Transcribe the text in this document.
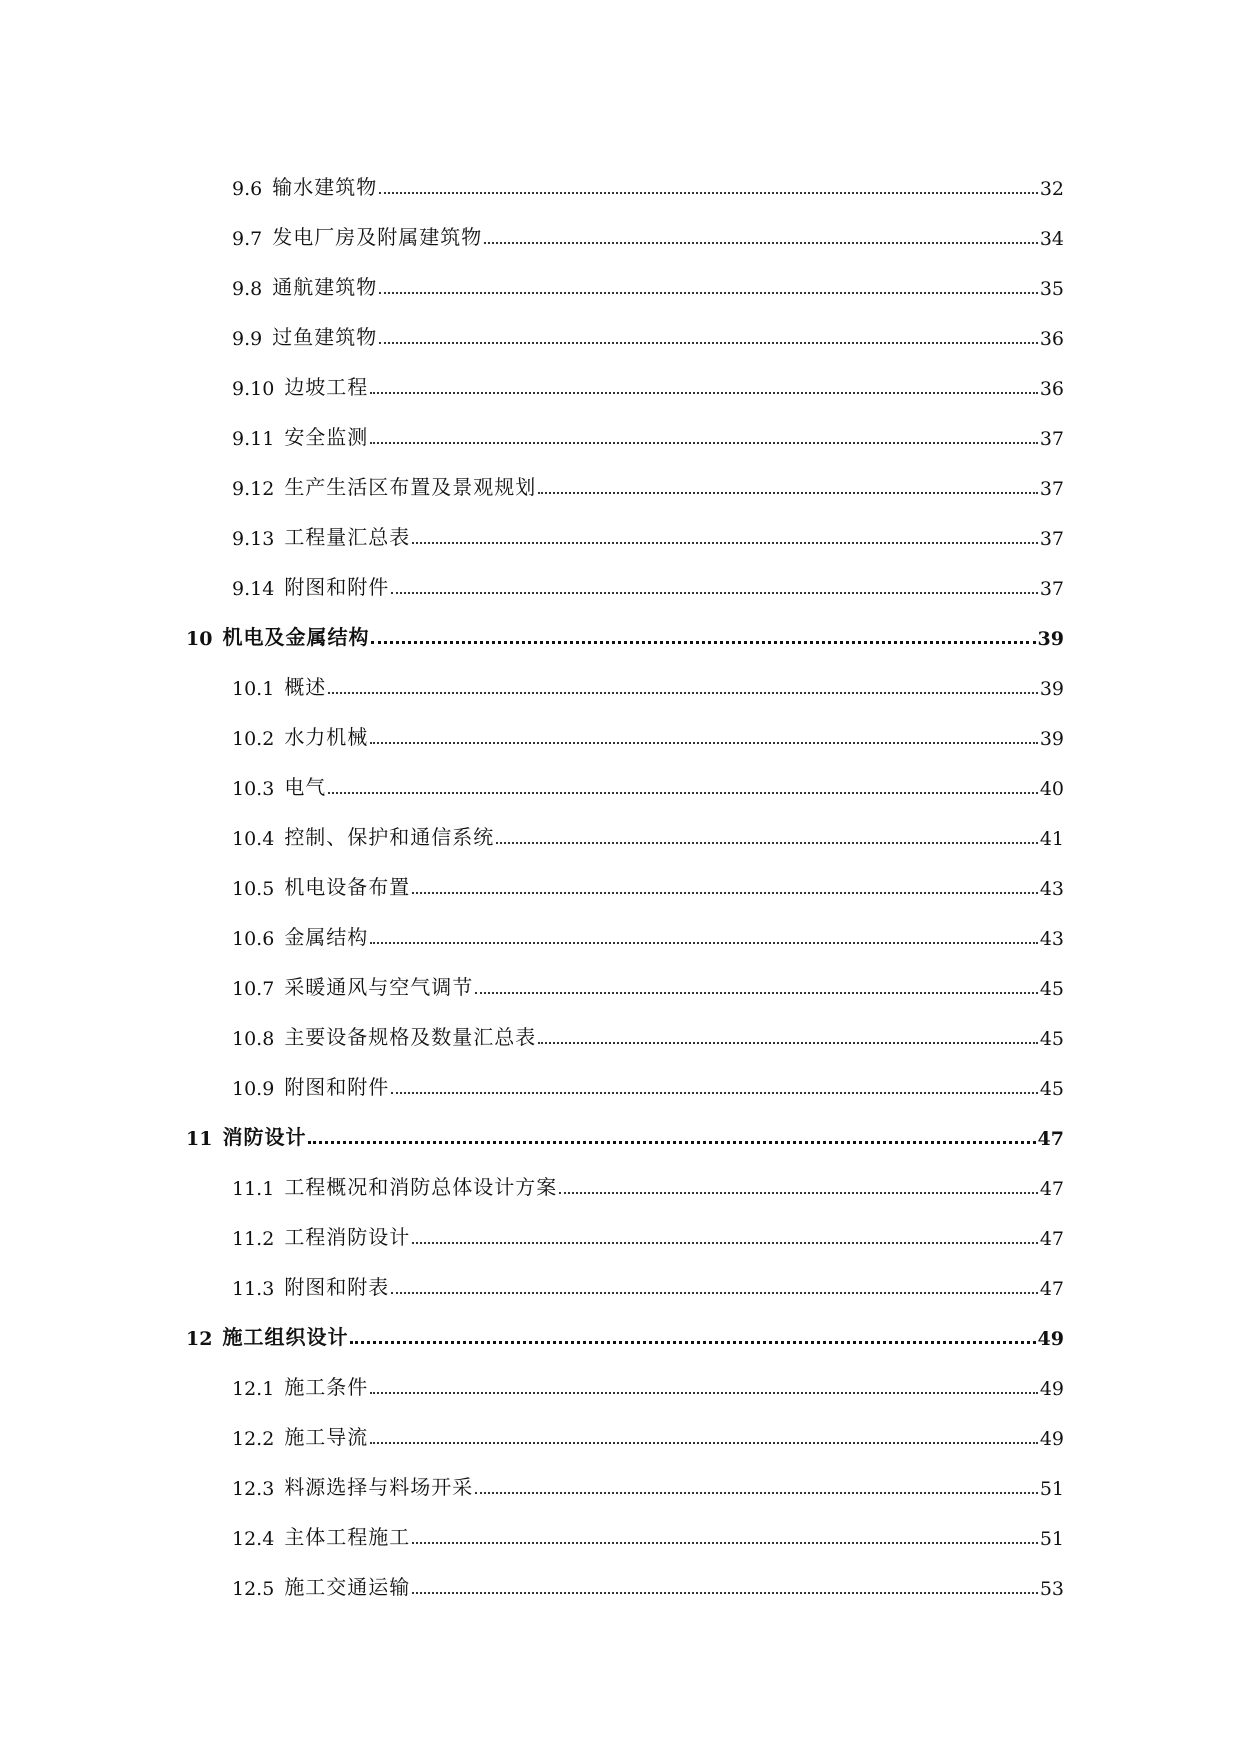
9.6 输水建筑物	32
9.7 发电厂房及附属建筑物	34
9.8 通航建筑物	35
9.9 过鱼建筑物	36
9.10 边坡工程	36
9.11 安全监测	37
9.12 生产生活区布置及景观规划	37
9.13 工程量汇总表	37
9.14 附图和附件	37
10 机电及金属结构	39
10.1 概述	39
10.2 水力机械	39
10.3 电气	40
10.4 控制、保护和通信系统	41
10.5 机电设备布置	43
10.6 金属结构	43
10.7 采暖通风与空气调节	45
10.8 主要设备规格及数量汇总表	45
10.9 附图和附件	45
11 消防设计	47
11.1 工程概况和消防总体设计方案	47
11.2 工程消防设计	47
11.3 附图和附表	47
12 施工组织设计	49
12.1 施工条件	49
12.2 施工导流	49
12.3 料源选择与料场开采	51
12.4 主体工程施工	51
12.5 施工交通运输	53
